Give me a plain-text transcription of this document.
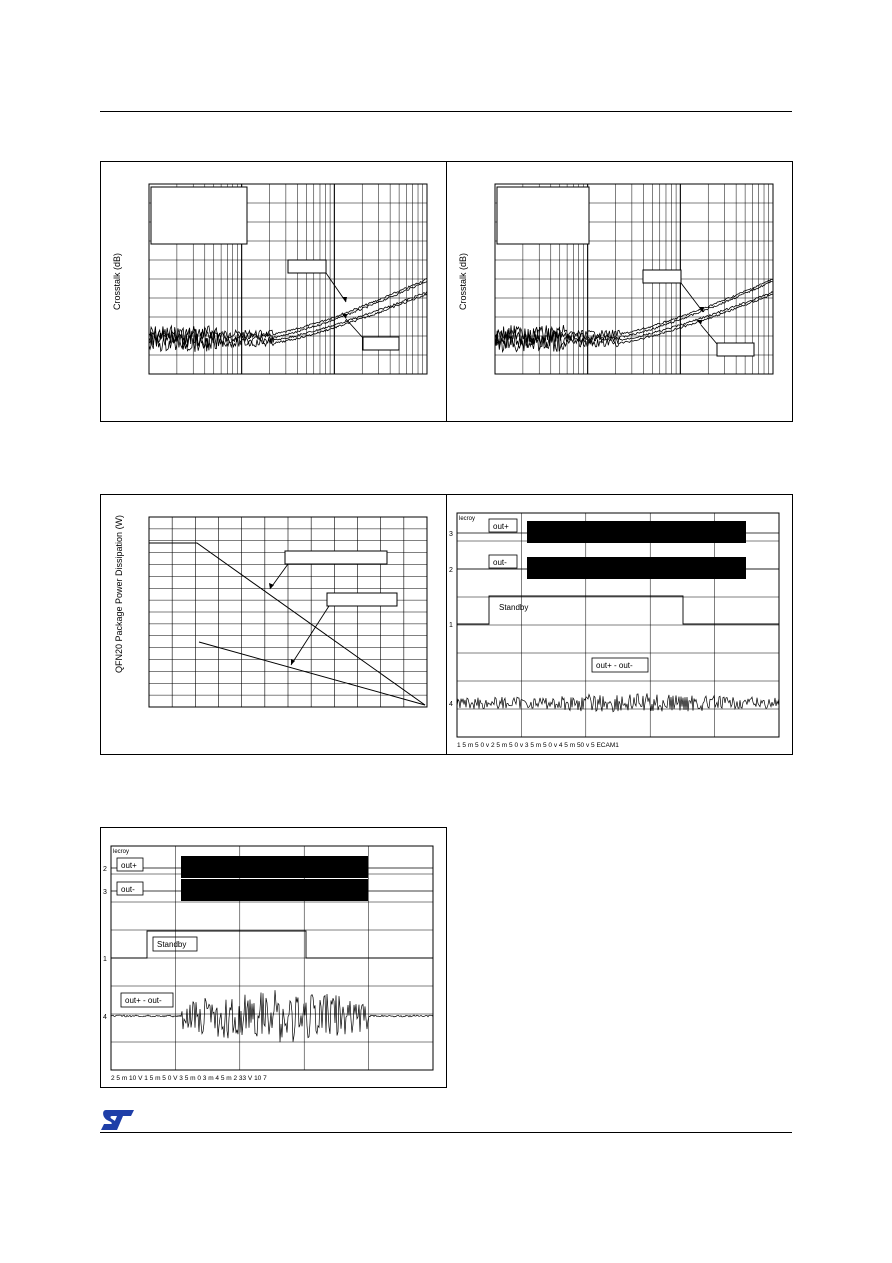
lecroy
out+
3
out-
2
Standby
1
out+ - out-
4
1 5 m 5 0 v 2 5 m 5 0 v 3 5 m 5 0 v 4 5 m 50 v 5 ECAM1
lecroy
out+
2
out-
3
Standby
1
out+ - out-
4
2 5 m 10 V 1 5 m 5 0 V 3 5 m 0 3 m 4 5 m 2 33 V 10 7
Crosstalk (dB)	Crosstalk (dB)
QFN20 Package Power Dissipation (W)
